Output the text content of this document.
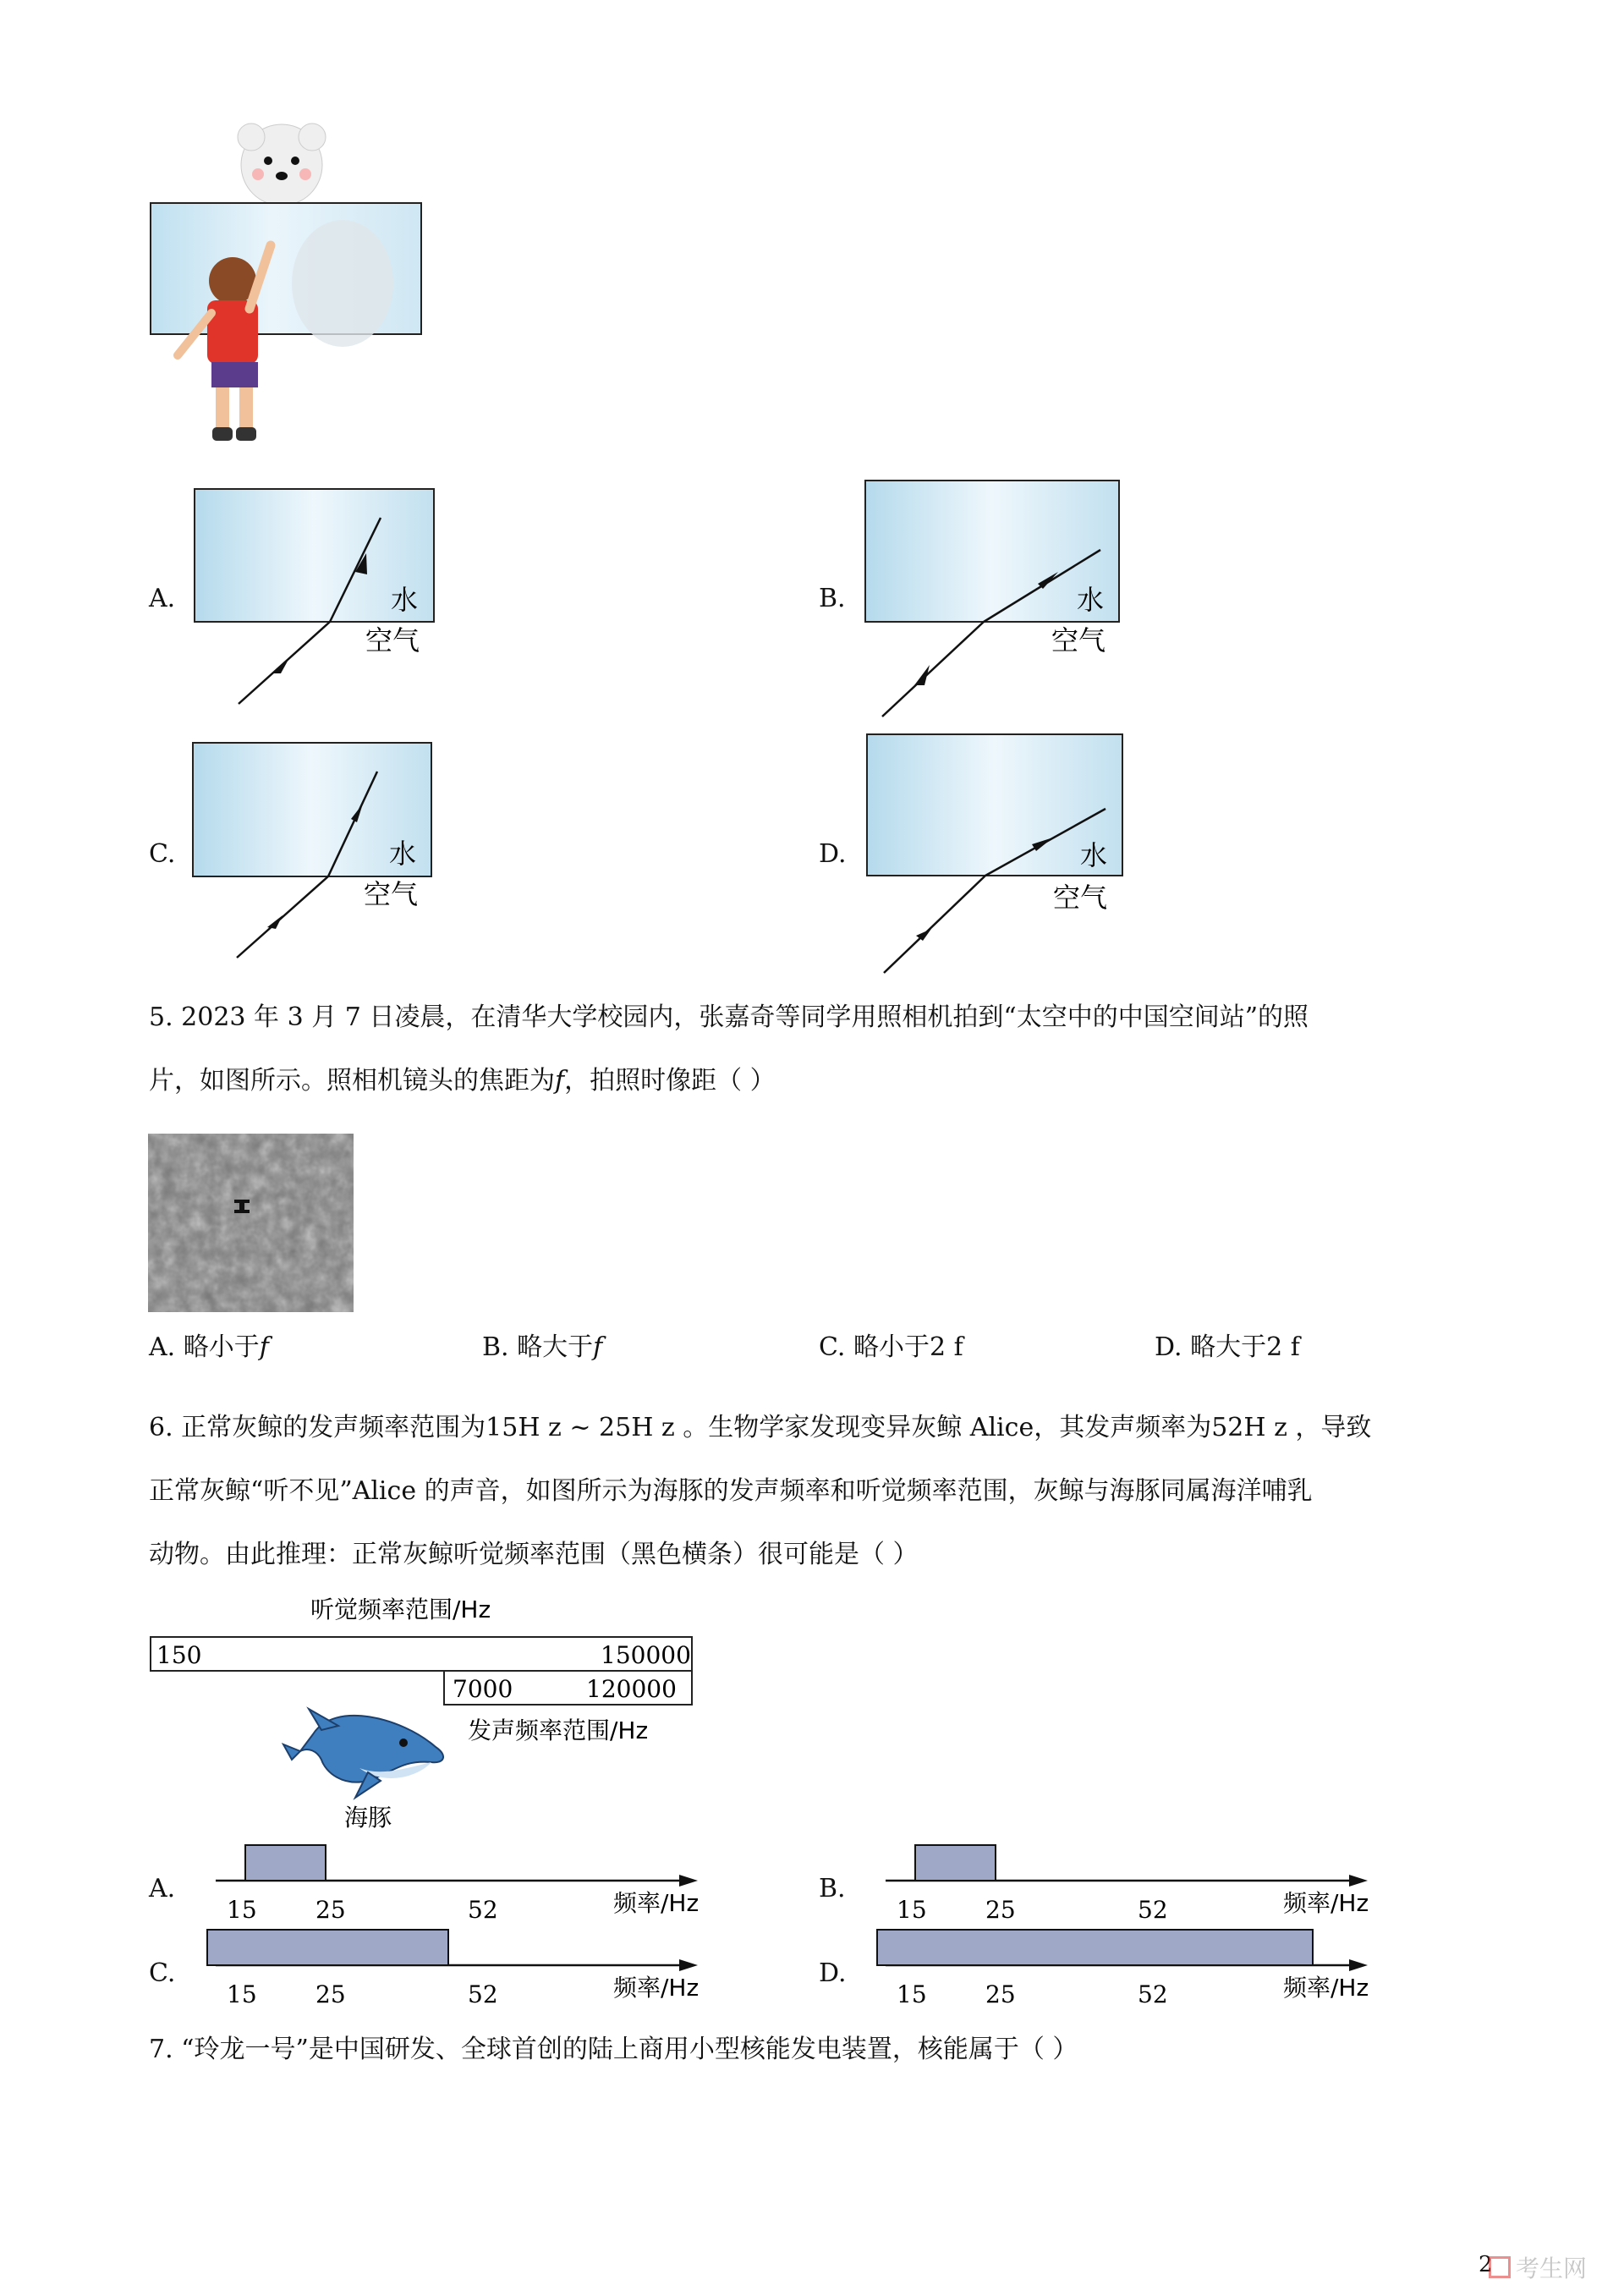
A.	B.
C.	D.
水
空气
水
空气
水
空气
水
空气
5. 2023 年 3 月 7 日凌晨，在清华大学校园内，张嘉奇等同学用照相机拍到“太空中的中国空间站”的照
片，如图所示。照相机镜头的焦距为f，拍照时像距（ ）
A. 略小于f	B. 略大于f	C. 略小于2 f	D. 略大于2 f
6. 正常灰鲸的发声频率范围为15H z ~ 25H z 。生物学家发现变异灰鲸 Alice，其发声频率为52H z ，导致
正常灰鲸“听不见”Alice 的声音，如图所示为海豚的发声频率和听觉频率范围，灰鲸与海豚同属海洋哺乳
动物。由此推理：正常灰鲸听觉频率范围（黑色横条）很可能是（ ）
听觉频率范围/Hz
150	150000
7000	120000
发声频率范围/Hz
海豚
A.	B.
C.	D.
15 25	52	频率/Hz	15 25	52	频率/Hz
15 25	52	频率/Hz	15 25	52	频率/Hz
7. “玲龙一号”是中国研发、全球首创的陆上商用小型核能发电装置，核能属于（ ）
2 考生网
